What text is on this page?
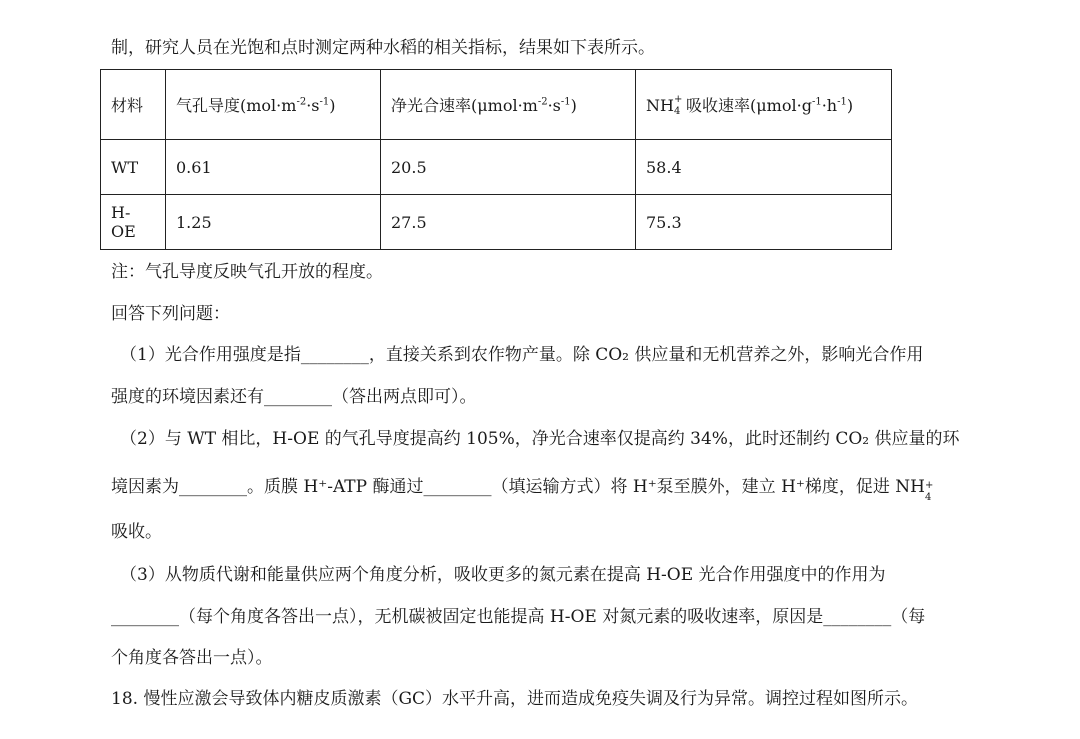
制，研究人员在光饱和点时测定两种水稻的相关指标，结果如下表所示。
材料	气孔导度$(mol\cdot m^{-2}\cdot s^{-1})$	净光合速率$(\mu mol\cdot m^{-2}\cdot s^{-1})$	NH +
4 吸收速率$(\mu mol\cdot g^{-1}\cdot h^{-1})$
WT	0.61	20.5	58.4
H-OE	1.25	27.5	75.3
注：气孔导度反映气孔开放的程度。
回答下列问题：
（1）光合作用强度是指________，直接关系到农作物产量。除 CO₂ 供应量和无机营养之外，影响光合作用
强度的环境因素还有________（答出两点即可）。
（2）与 WT 相比，H-OE 的气孔导度提高约 105%，净光合速率仅提高约 34%，此时还制约 CO₂ 供应量的环
境因素为________。质膜 H⁺-ATP 酶通过________（填运输方式）将 H⁺泵至膜外，建立 H⁺梯度，促进 NH +
4
吸收。
（3）从物质代谢和能量供应两个角度分析，吸收更多的氮元素在提高 H-OE 光合作用强度中的作用为
________（每个角度各答出一点），无机碳被固定也能提高 H-OE 对氮元素的吸收速率，原因是________（每
个角度各答出一点）。
18. 慢性应激会导致体内糖皮质激素（GC）水平升高，进而造成免疫失调及行为异常。调控过程如图所示。
